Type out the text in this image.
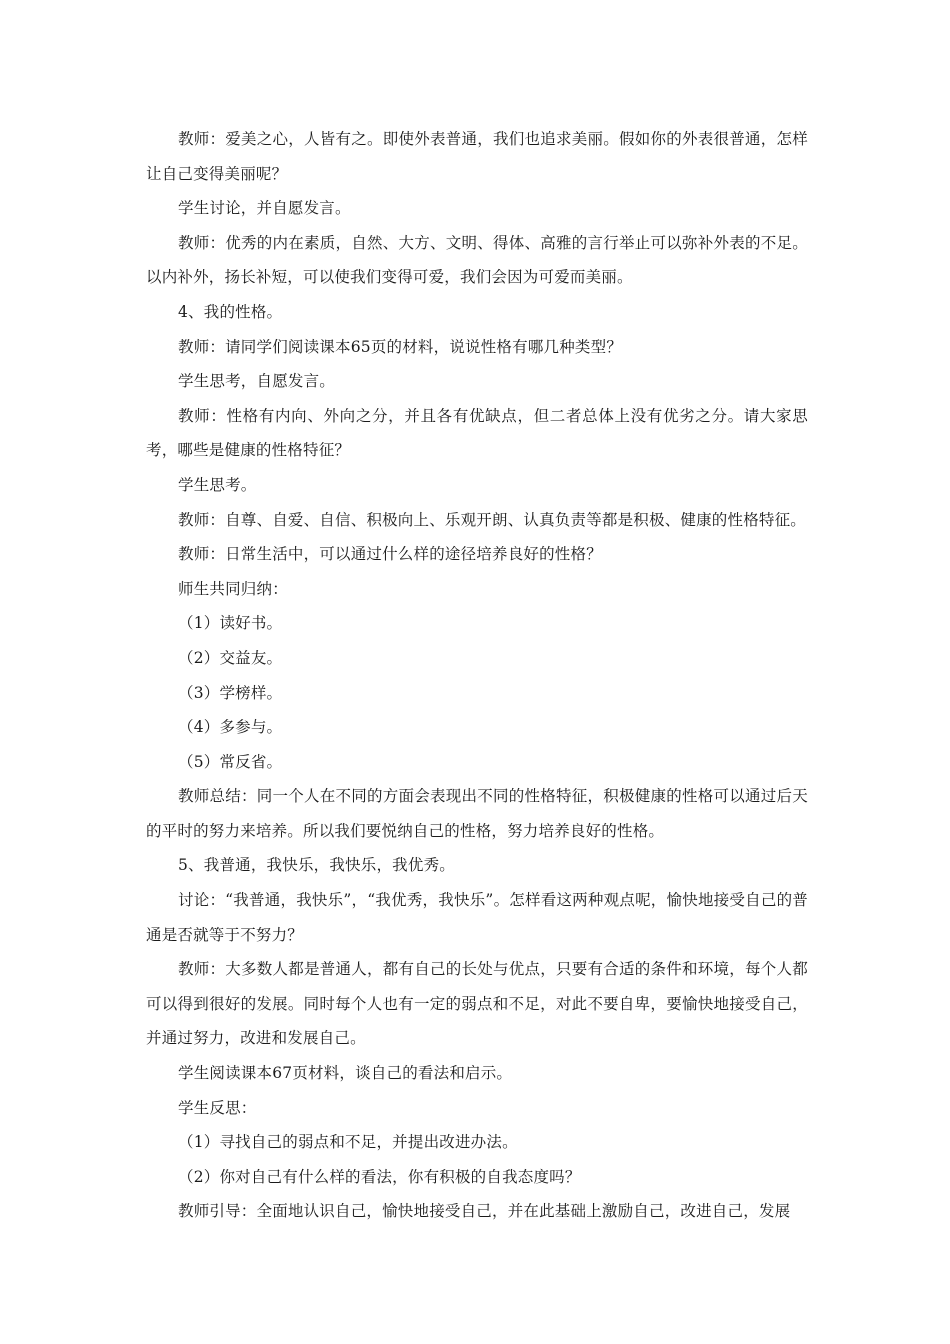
教师：爱美之心，人皆有之。即使外表普通，我们也追求美丽。假如你的外表很普通，怎样让自己变得美丽呢？

学生讨论，并自愿发言。

教师：优秀的内在素质，自然、大方、文明、得体、高雅的言行举止可以弥补外表的不足。以内补外，扬长补短，可以使我们变得可爱，我们会因为可爱而美丽。

4、我的性格。

教师：请同学们阅读课本65页的材料，说说性格有哪几种类型？

学生思考，自愿发言。

教师：性格有内向、外向之分，并且各有优缺点，但二者总体上没有优劣之分。请大家思考，哪些是健康的性格特征？

学生思考。

教师：自尊、自爱、自信、积极向上、乐观开朗、认真负责等都是积极、健康的性格特征。

教师：日常生活中，可以通过什么样的途径培养良好的性格？

师生共同归纳：

（1）读好书。

（2）交益友。

（3）学榜样。

（4）多参与。

（5）常反省。

教师总结：同一个人在不同的方面会表现出不同的性格特征，积极健康的性格可以通过后天的平时的努力来培养。所以我们要悦纳自己的性格，努力培养良好的性格。

5、我普通，我快乐，我快乐，我优秀。

讨论：“我普通，我快乐”，“我优秀，我快乐”。怎样看这两种观点呢，愉快地接受自己的普通是否就等于不努力？

教师：大多数人都是普通人，都有自己的长处与优点，只要有合适的条件和环境，每个人都可以得到很好的发展。同时每个人也有一定的弱点和不足，对此不要自卑，要愉快地接受自己，并通过努力，改进和发展自己。

学生阅读课本67页材料，谈自己的看法和启示。

学生反思：

（1）寻找自己的弱点和不足，并提出改进办法。

（2）你对自己有什么样的看法，你有积极的自我态度吗？

教师引导：全面地认识自己，愉快地接受自己，并在此基础上激励自己，改进自己，发展
